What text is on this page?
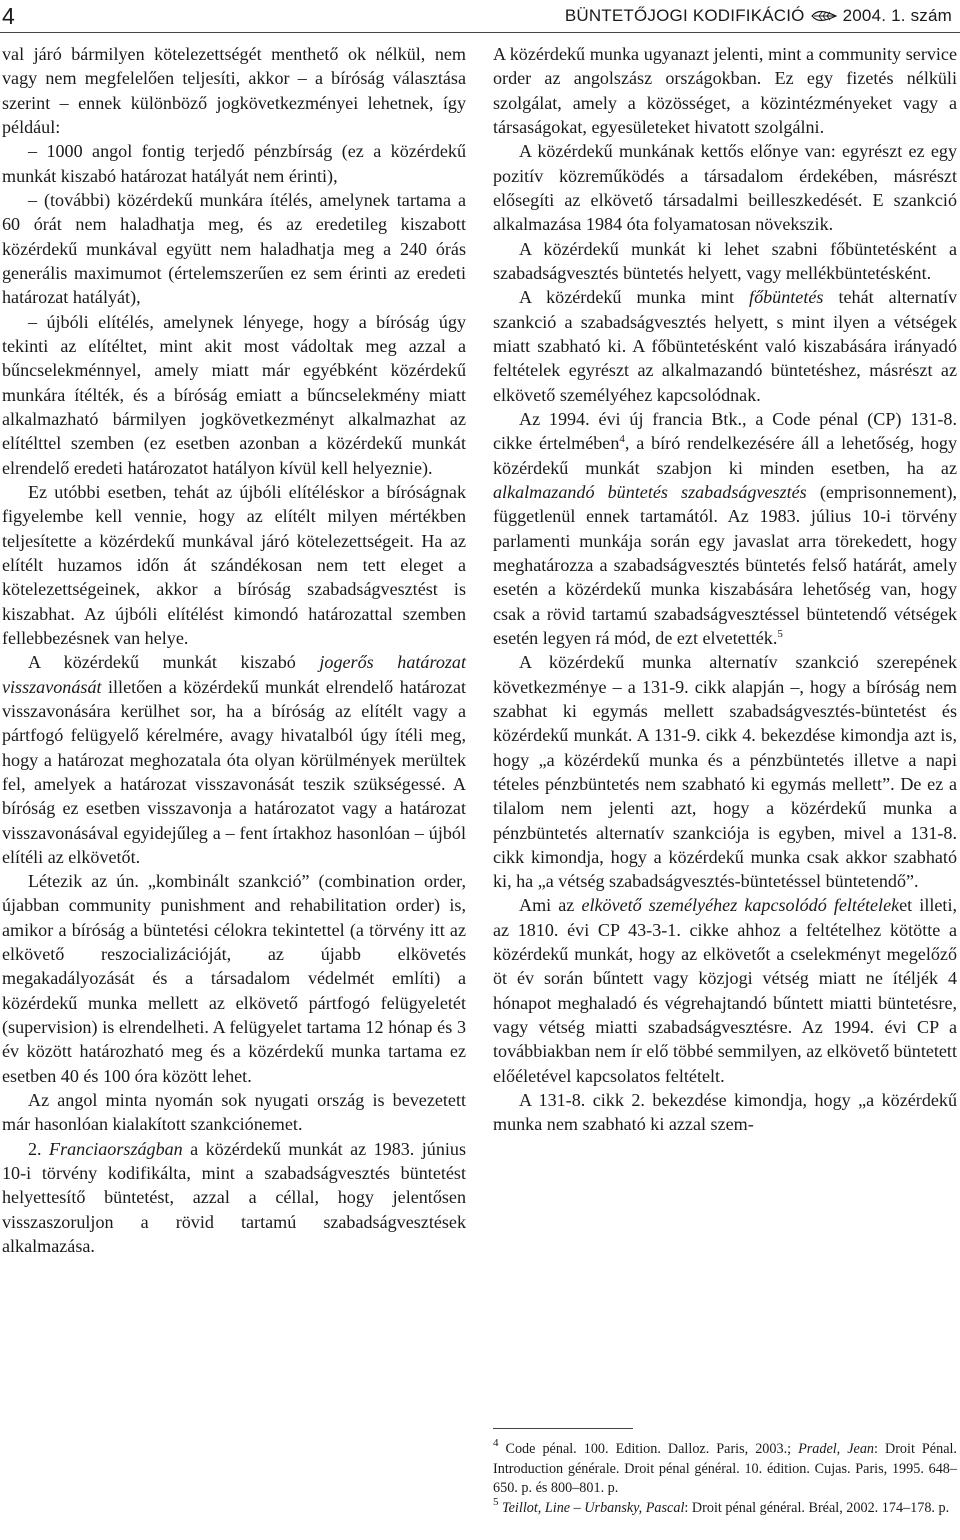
4	BÜNTETŐJOGI KODIFIKÁCIÓ 2004. 1. szám

val járó bármilyen kötelezettségét menthető ok nélkül, nem vagy nem megfelelően teljesíti, akkor – a bíróság választása szerint – ennek különböző jogkövetkezményei lehetnek, így például:

– 1000 angol fontig terjedő pénzbírság (ez a közérdekű munkát kiszabó határozat hatályát nem érinti),

– (további) közérdekű munkára ítélés, amelynek tartama a 60 órát nem haladhatja meg, és az eredetileg kiszabott közérdekű munkával együtt nem haladhatja meg a 240 órás generális maximumot (értelemszerűen ez sem érinti az eredeti határozat hatályát),

– újbóli elítélés, amelynek lényege, hogy a bíróság úgy tekinti az elítéltet, mint akit most vádoltak meg azzal a bűncselekménnyel, amely miatt már egyébként közérdekű munkára ítélték, és a bíróság emiatt a bűncselekmény miatt alkalmazható bármilyen jogkövetkezményt alkalmazhat az elítélttel szemben (ez esetben azonban a közérdekű munkát elrendelő eredeti határozatot hatályon kívül kell helyeznie).

Ez utóbbi esetben, tehát az újbóli elítéléskor a bíróságnak figyelembe kell vennie, hogy az elítélt milyen mértékben teljesítette a közérdekű munkával járó kötelezettségeit. Ha az elítélt huzamos időn át szándékosan nem tett eleget a kötelezettségeinek, akkor a bíróság szabadságvesztést is kiszabhat. Az újbóli elítélést kimondó határozattal szemben fellebbezésnek van helye.

A közérdekű munkát kiszabó jogerős határozat visszavonását illetően a közérdekű munkát elrendelő határozat visszavonására kerülhet sor, ha a bíróság az elítélt vagy a pártfogó felügyelő kérelmére, avagy hivatalból úgy ítéli meg, hogy a határozat meghozatala óta olyan körülmények merültek fel, amelyek a határozat visszavonását teszik szükségessé. A bíróság ez esetben visszavonja a határozatot vagy a határozat visszavonásával egyidejűleg a – fent írtakhoz hasonlóan – újból elítéli az elkövetőt.

Létezik az ún. „kombinált szankció” (combination order, újabban community punishment and rehabilitation order) is, amikor a bíróság a büntetési célokra tekintettel (a törvény itt az elkövető reszocializációját, az újabb elkövetés megakadályozását és a társadalom védelmét említi) a közérdekű munka mellett az elkövető pártfogó felügyeletét (supervision) is elrendelheti. A felügyelet tartama 12 hónap és 3 év között határozható meg és a közérdekű munka tartama ez esetben 40 és 100 óra között lehet.

Az angol minta nyomán sok nyugati ország is bevezetett már hasonlóan kialakított szankciónemet.

2. Franciaországban a közérdekű munkát az 1983. június 10-i törvény kodifikálta, mint a szabadságvesztés büntetést helyettesítő büntetést, azzal a céllal, hogy jelentősen visszaszoruljon a rövid tartamú szabadságvesztések alkalmazása.

A közérdekű munka ugyanazt jelenti, mint a community service order az angolszász országokban. Ez egy fizetés nélküli szolgálat, amely a közösséget, a közintézményeket vagy a társaságokat, egyesületeket hivatott szolgálni.

A közérdekű munkának kettős előnye van: egyrészt ez egy pozitív közreműködés a társadalom érdekében, másrészt elősegíti az elkövető társadalmi beilleszkedését. E szankció alkalmazása 1984 óta folyamatosan növekszik.

A közérdekű munkát ki lehet szabni főbüntetésként a szabadságvesztés büntetés helyett, vagy mellékbüntetésként.

A közérdekű munka mint főbüntetés tehát alternatív szankció a szabadságvesztés helyett, s mint ilyen a vétségek miatt szabható ki. A főbüntetésként való kiszabására irányadó feltételek egyrészt az alkalmazandó büntetéshez, másrészt az elkövető személyéhez kapcsolódnak.

Az 1994. évi új francia Btk., a Code pénal (CP) 131-8. cikke értelmében$^4$, a bíró rendelkezésére áll a lehetőség, hogy közérdekű munkát szabjon ki minden esetben, ha az alkalmazandó büntetés szabadságvesztés (emprisonnement), függetlenül ennek tartamától. Az 1983. július 10-i törvény parlamenti munkája során egy javaslat arra törekedett, hogy meghatározza a szabadságvesztés büntetés felső határát, amely esetén a közérdekű munka kiszabására lehetőség van, hogy csak a rövid tartamú szabadságvesztéssel büntetendő vétségek esetén legyen rá mód, de ezt elvetették.$^5$

A közérdekű munka alternatív szankció szerepének következménye – a 131-9. cikk alapján –, hogy a bíróság nem szabhat ki egymás mellett szabadságvesztés-büntetést és közérdekű munkát. A 131-9. cikk 4. bekezdése kimondja azt is, hogy „a közérdekű munka és a pénzbüntetés illetve a napi tételes pénzbüntetés nem szabható ki egymás mellett”. De ez a tilalom nem jelenti azt, hogy a közérdekű munka a pénzbüntetés alternatív szankciója is egyben, mivel a 131-8. cikk kimondja, hogy a közérdekű munka csak akkor szabható ki, ha „a vétség szabadságvesztés-büntetéssel büntetendő”.

Ami az elkövető személyéhez kapcsolódó feltételeket illeti, az 1810. évi CP 43-3-1. cikke ahhoz a feltételhez kötötte a közérdekű munkát, hogy az elkövetőt a cselekményt megelőző öt év során bűntett vagy közjogi vétség miatt ne ítéljék 4 hónapot meghaladó és végrehajtandó bűntett miatti büntetésre, vagy vétség miatti szabadságvesztésre. Az 1994. évi CP a továbbiakban nem ír elő többé semmilyen, az elkövető büntetett előéletével kapcsolatos feltételt.

A 131-8. cikk 2. bekezdése kimondja, hogy „a közérdekű munka nem szabható ki azzal szem-

$^4$ Code pénal. 100. Edition. Dalloz. Paris, 2003.; Pradel, Jean: Droit Pénal. Introduction générale. Droit pénal général. 10. édition. Cujas. Paris, 1995. 648–650. p. és 800–801. p.

$^5$ Teillot, Line – Urbansky, Pascal: Droit pénal général. Bréal, 2002. 174–178. p.
